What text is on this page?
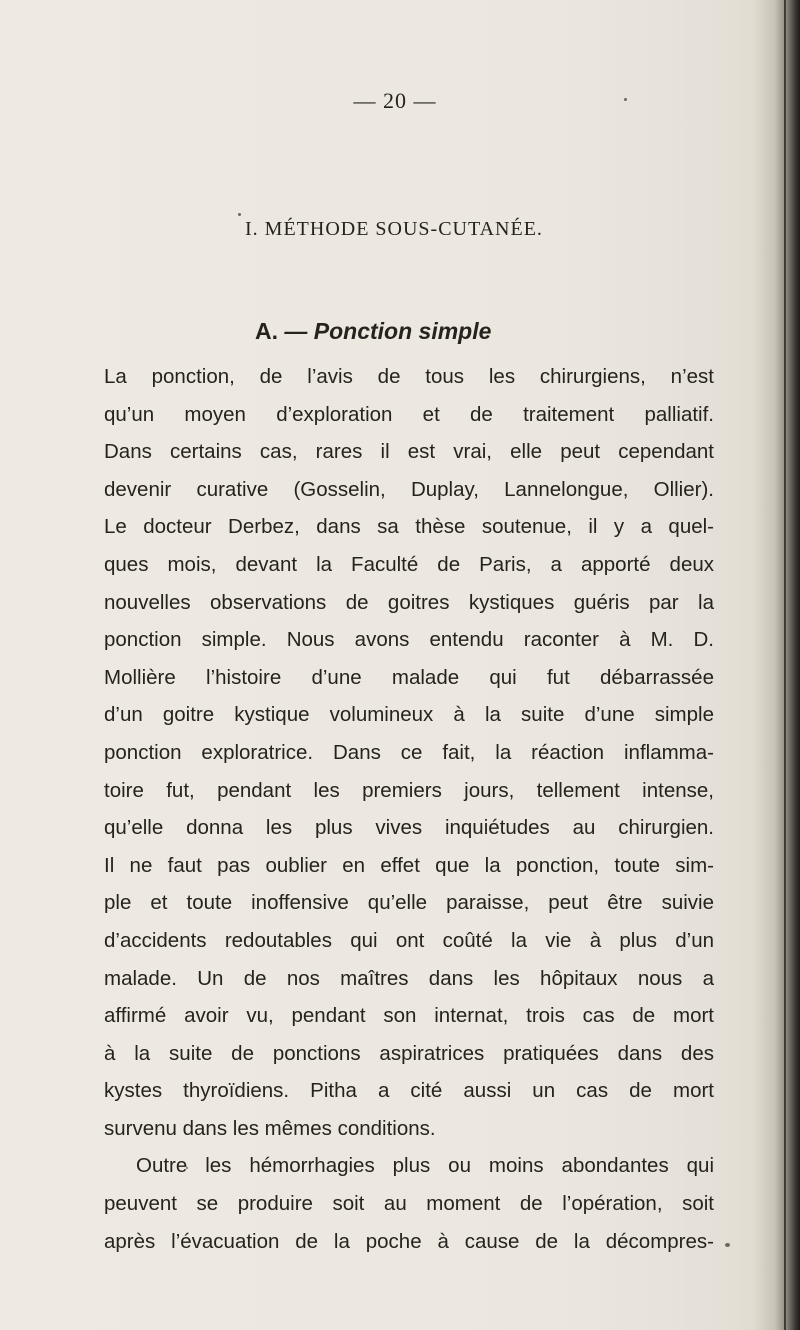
— 20 —
I. MÉTHODE SOUS-CUTANÉE.
A. — Ponction simple
La ponction, de l’avis de tous les chirurgiens, n’est
qu’un moyen d’exploration et de traitement palliatif.
Dans certains cas, rares il est vrai, elle peut cependant
devenir curative (Gosselin, Duplay, Lannelongue, Ollier).
Le docteur Derbez, dans sa thèse soutenue, il y a quel-
ques mois, devant la Faculté de Paris, a apporté deux
nouvelles observations de goitres kystiques guéris par la
ponction simple. Nous avons entendu raconter à M. D.
Mollière l’histoire d’une malade qui fut débarrassée
d’un goitre kystique volumineux à la suite d’une simple
ponction exploratrice. Dans ce fait, la réaction inflamma-
toire fut, pendant les premiers jours, tellement intense,
qu’elle donna les plus vives inquiétudes au chirurgien.
Il ne faut pas oublier en effet que la ponction, toute sim-
ple et toute inoffensive qu’elle paraisse, peut être suivie
d’accidents redoutables qui ont coûté la vie à plus d’un
malade. Un de nos maîtres dans les hôpitaux nous a
affirmé avoir vu, pendant son internat, trois cas de mort
à la suite de ponctions aspiratrices pratiquées dans des
kystes thyroïdiens. Pitha a cité aussi un cas de mort
survenu dans les mêmes conditions.
Outre les hémorrhagies plus ou moins abondantes qui
peuvent se produire soit au moment de l’opération, soit
après l’évacuation de la poche à cause de la décompres-
